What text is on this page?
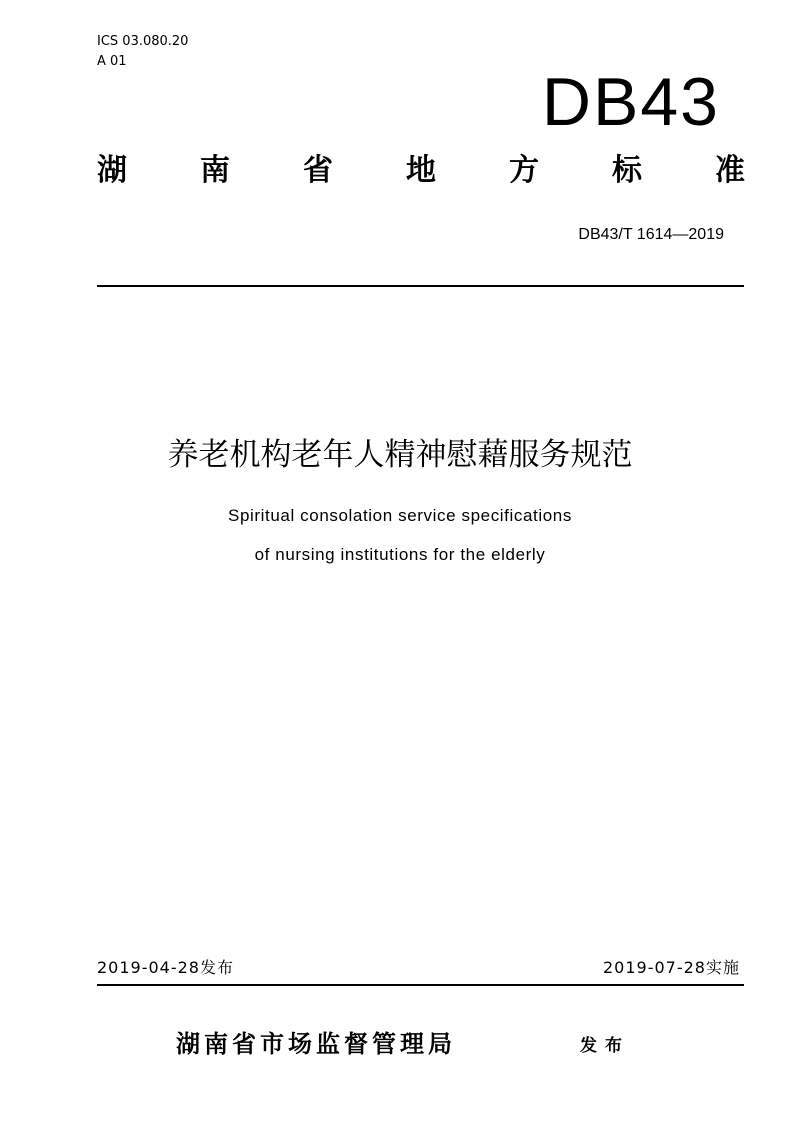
ICS 03.080.20
A 01
DB43
湖 南 省 地 方 标 准
DB43/T 1614—2019
养老机构老年人精神慰藉服务规范
Spiritual consolation service specifications
of nursing institutions for the elderly
2019-04-28发布	2019-07-28实施
湖南省市场监督管理局	发布
